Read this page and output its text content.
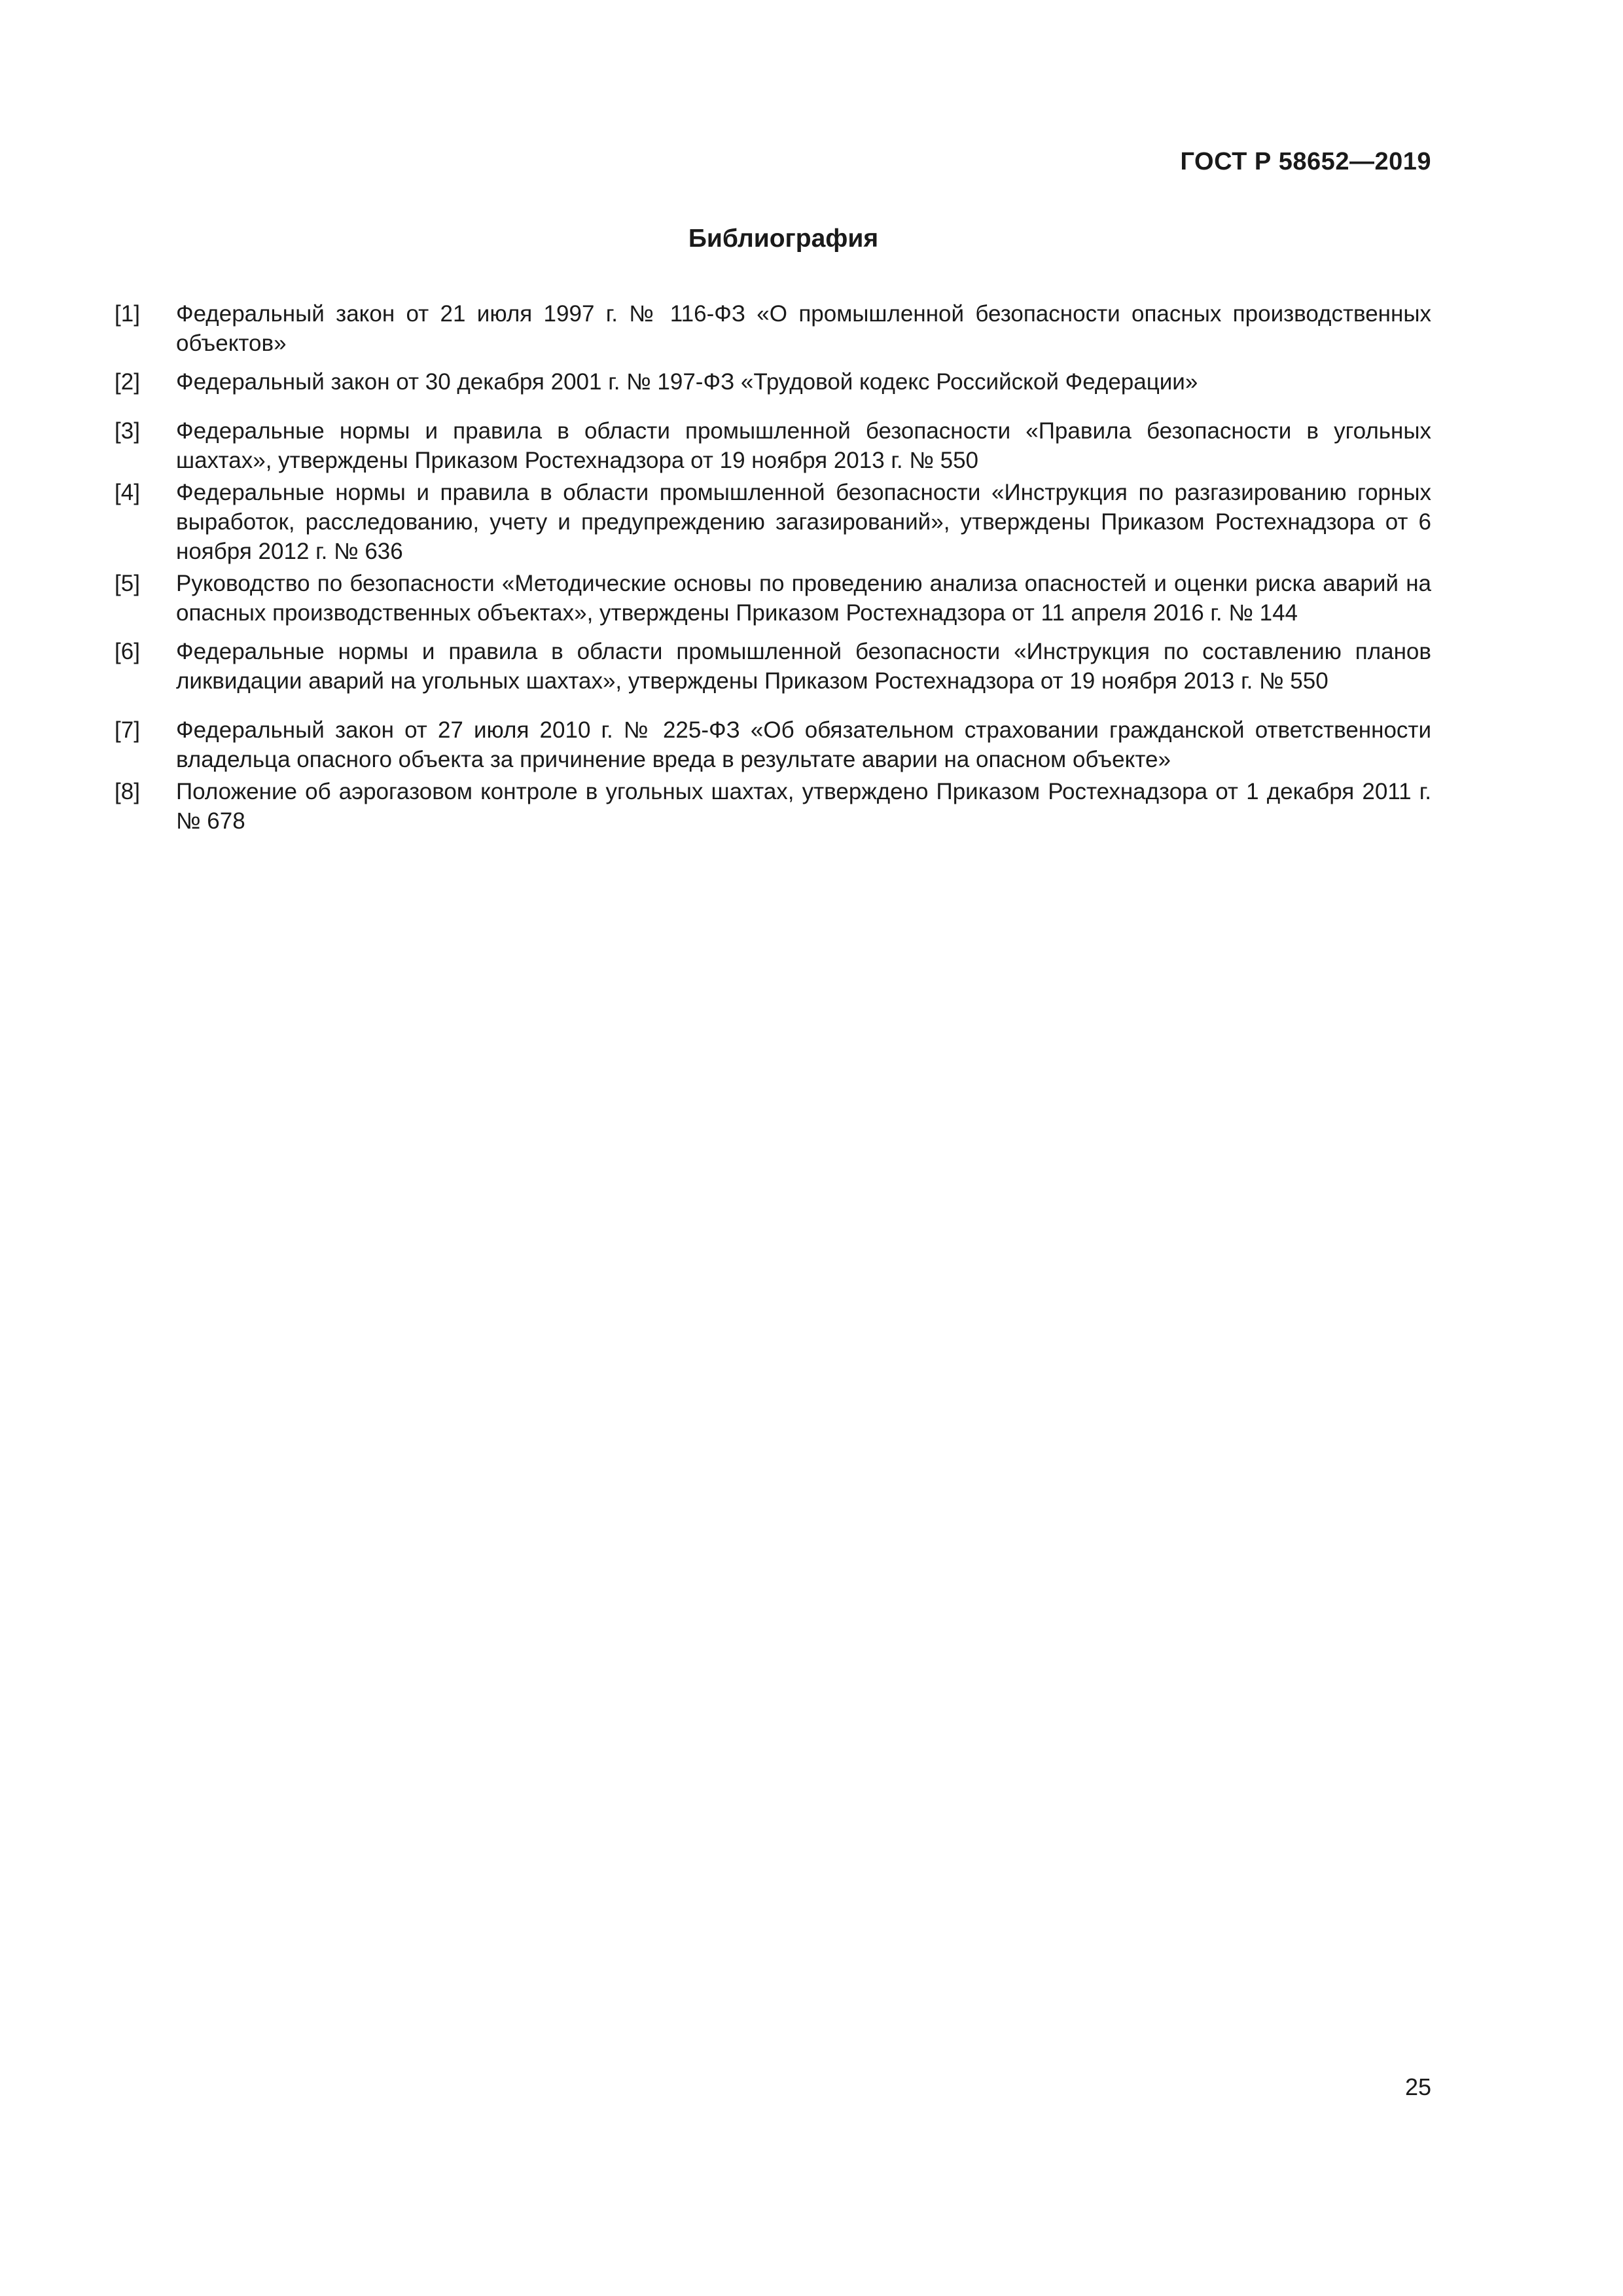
ГОСТ Р 58652—2019
Библиография
[1]	Федеральный закон от 21 июля 1997 г. № 116-ФЗ «О промышленной безопасности опасных производственных объектов»
[2]	Федеральный закон от 30 декабря 2001 г. № 197-ФЗ «Трудовой кодекс Российской Федерации»
[3]	Федеральные нормы и правила в области промышленной безопасности «Правила безопасности в угольных шахтах», утверждены Приказом Ростехнадзора от 19 ноября 2013 г. № 550
[4]	Федеральные нормы и правила в области промышленной безопасности «Инструкция по разгазированию горных выработок, расследованию, учету и предупреждению загазирований», утверждены Приказом Ростехнадзора от 6 ноября 2012 г. № 636
[5]	Руководство по безопасности «Методические основы по проведению анализа опасностей и оценки риска аварий на опасных производственных объектах», утверждены Приказом Ростехнадзора от 11 апреля 2016 г. № 144
[6]	Федеральные нормы и правила в области промышленной безопасности «Инструкция по составлению планов ликвидации аварий на угольных шахтах», утверждены Приказом Ростехнадзора от 19 ноября 2013 г. № 550
[7]	Федеральный закон от 27 июля 2010 г. № 225-ФЗ «Об обязательном страховании гражданской ответственности владельца опасного объекта за причинение вреда в результате аварии на опасном объекте»
[8]	Положение об аэрогазовом контроле в угольных шахтах, утверждено Приказом Ростехнадзора от 1 декабря 2011 г. № 678
25
